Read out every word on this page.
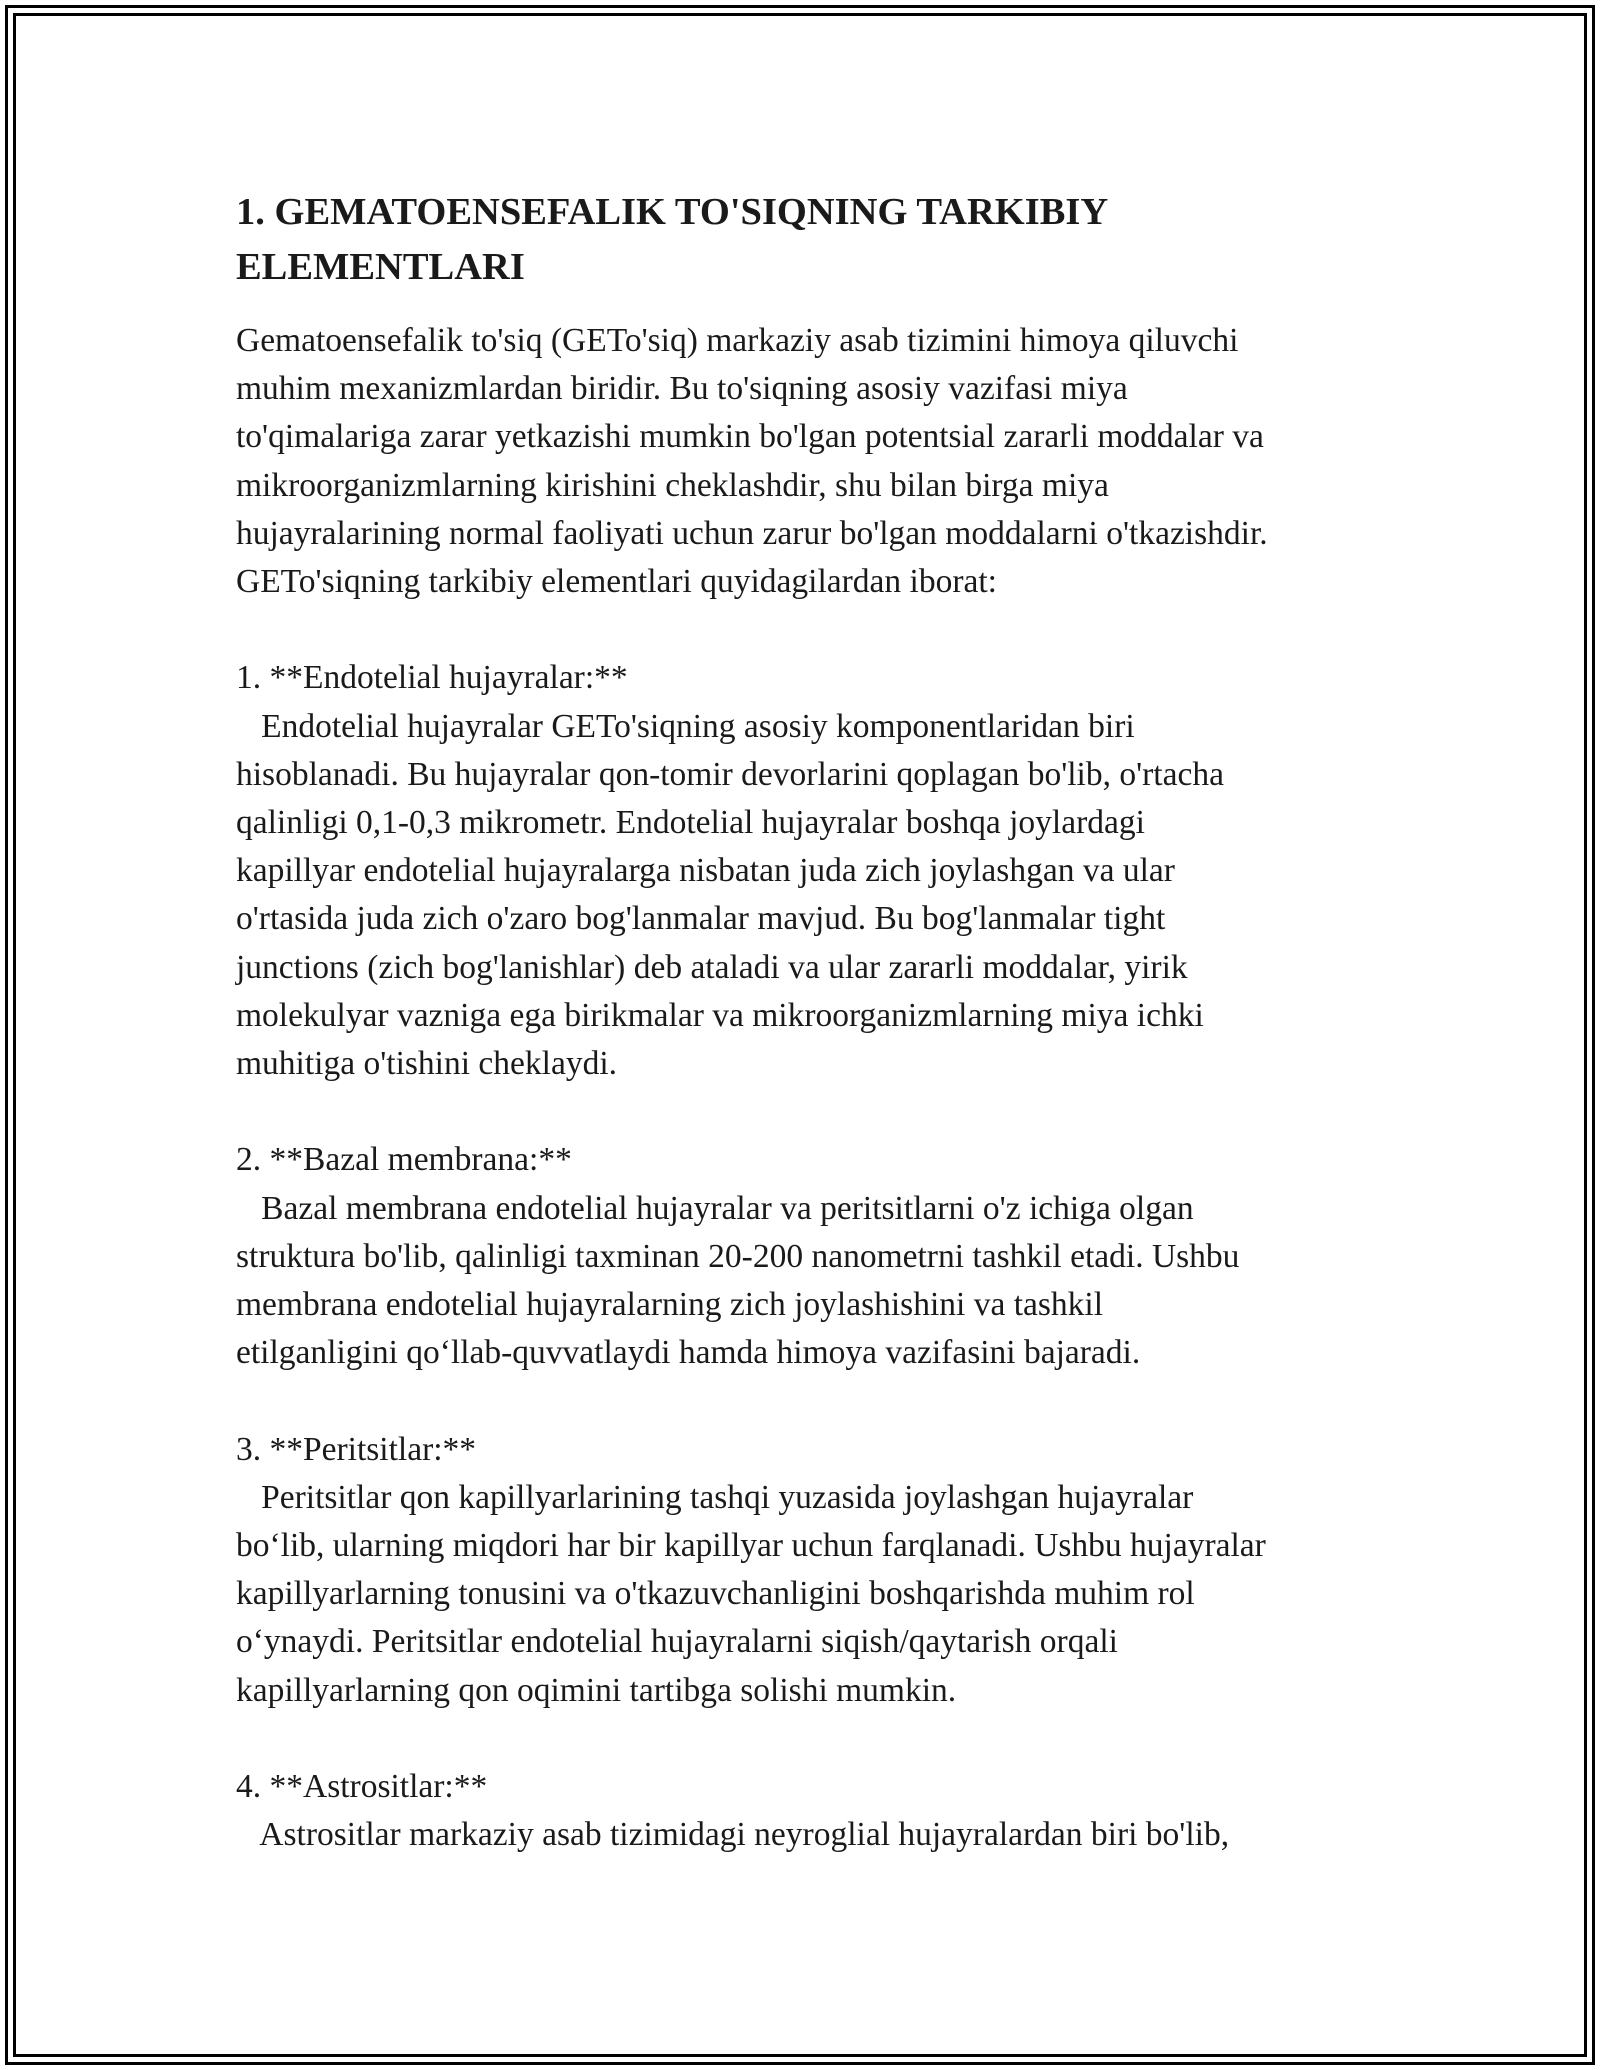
1. GEMATOENSEFALIK TO'SIQNING TARKIBIY
ELEMENTLARI
Gematoensefalik to'siq (GETo'siq) markaziy asab tizimini himoya qiluvchi
muhim mexanizmlardan biridir. Bu to'siqning asosiy vazifasi miya
to'qimalariga zarar yetkazishi mumkin bo'lgan potentsial zararli moddalar va
mikroorganizmlarning kirishini cheklashdir, shu bilan birga miya
hujayralarining normal faoliyati uchun zarur bo'lgan moddalarni o'tkazishdir.
GETo'siqning tarkibiy elementlari quyidagilardan iborat:
1. **Endotelial hujayralar:**
Endotelial hujayralar GETo'siqning asosiy komponentlaridan biri
hisoblanadi. Bu hujayralar qon-tomir devorlarini qoplagan bo'lib, o'rtacha
qalinligi 0,1-0,3 mikrometr. Endotelial hujayralar boshqa joylardagi
kapillyar endotelial hujayralarga nisbatan juda zich joylashgan va ular
o'rtasida juda zich o'zaro bog'lanmalar mavjud. Bu bog'lanmalar tight
junctions (zich bog'lanishlar) deb ataladi va ular zararli moddalar, yirik
molekulyar vazniga ega birikmalar va mikroorganizmlarning miya ichki
muhitiga o'tishini cheklaydi.
2. **Bazal membrana:**
Bazal membrana endotelial hujayralar va peritsitlarni o'z ichiga olgan
struktura bo'lib, qalinligi taxminan 20-200 nanometrni tashkil etadi. Ushbu
membrana endotelial hujayralarning zich joylashishini va tashkil
etilganligini qo‘llab-quvvatlaydi hamda himoya vazifasini bajaradi.
3. **Peritsitlar:**
Peritsitlar qon kapillyarlarining tashqi yuzasida joylashgan hujayralar
bo‘lib, ularning miqdori har bir kapillyar uchun farqlanadi. Ushbu hujayralar
kapillyarlarning tonusini va o'tkazuvchanligini boshqarishda muhim rol
o‘ynaydi. Peritsitlar endotelial hujayralarni siqish/qaytarish orqali
kapillyarlarning qon oqimini tartibga solishi mumkin.
4. **Astrositlar:**
Astrositlar markaziy asab tizimidagi neyroglial hujayralardan biri bo'lib,
